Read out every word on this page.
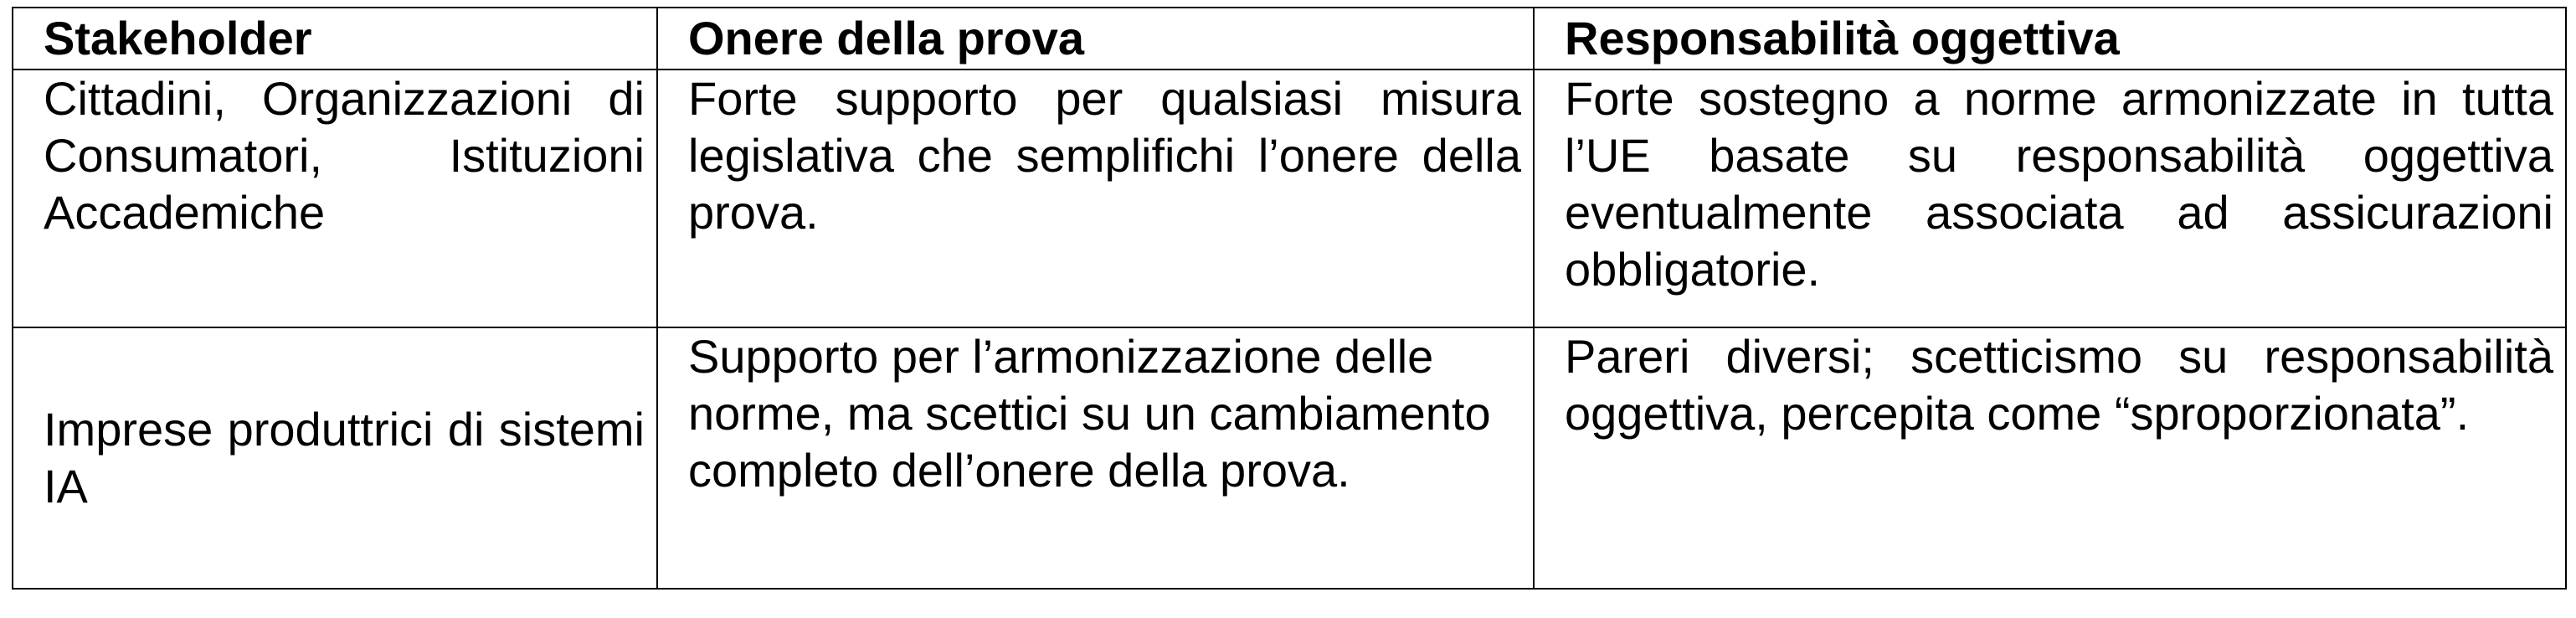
Stakeholder	Onere della prova	Responsabilità oggettiva
Cittadini, Organizzazioni di Consumatori, Istituzioni Accademiche	Forte supporto per qualsiasi misura legislativa che semplifichi l’onere della prova.	Forte sostegno a norme armonizzate in tutta l’UE basate su responsabilità oggettiva eventualmente associata ad assicurazioni obbligatorie.
Imprese produttrici di sistemi IA	Supporto per l’armonizzazione delle norme, ma scettici su un cambiamento completo dell’onere della prova.	Pareri diversi; scetticismo su responsabilità oggettiva, percepita come “sproporzionata”.
